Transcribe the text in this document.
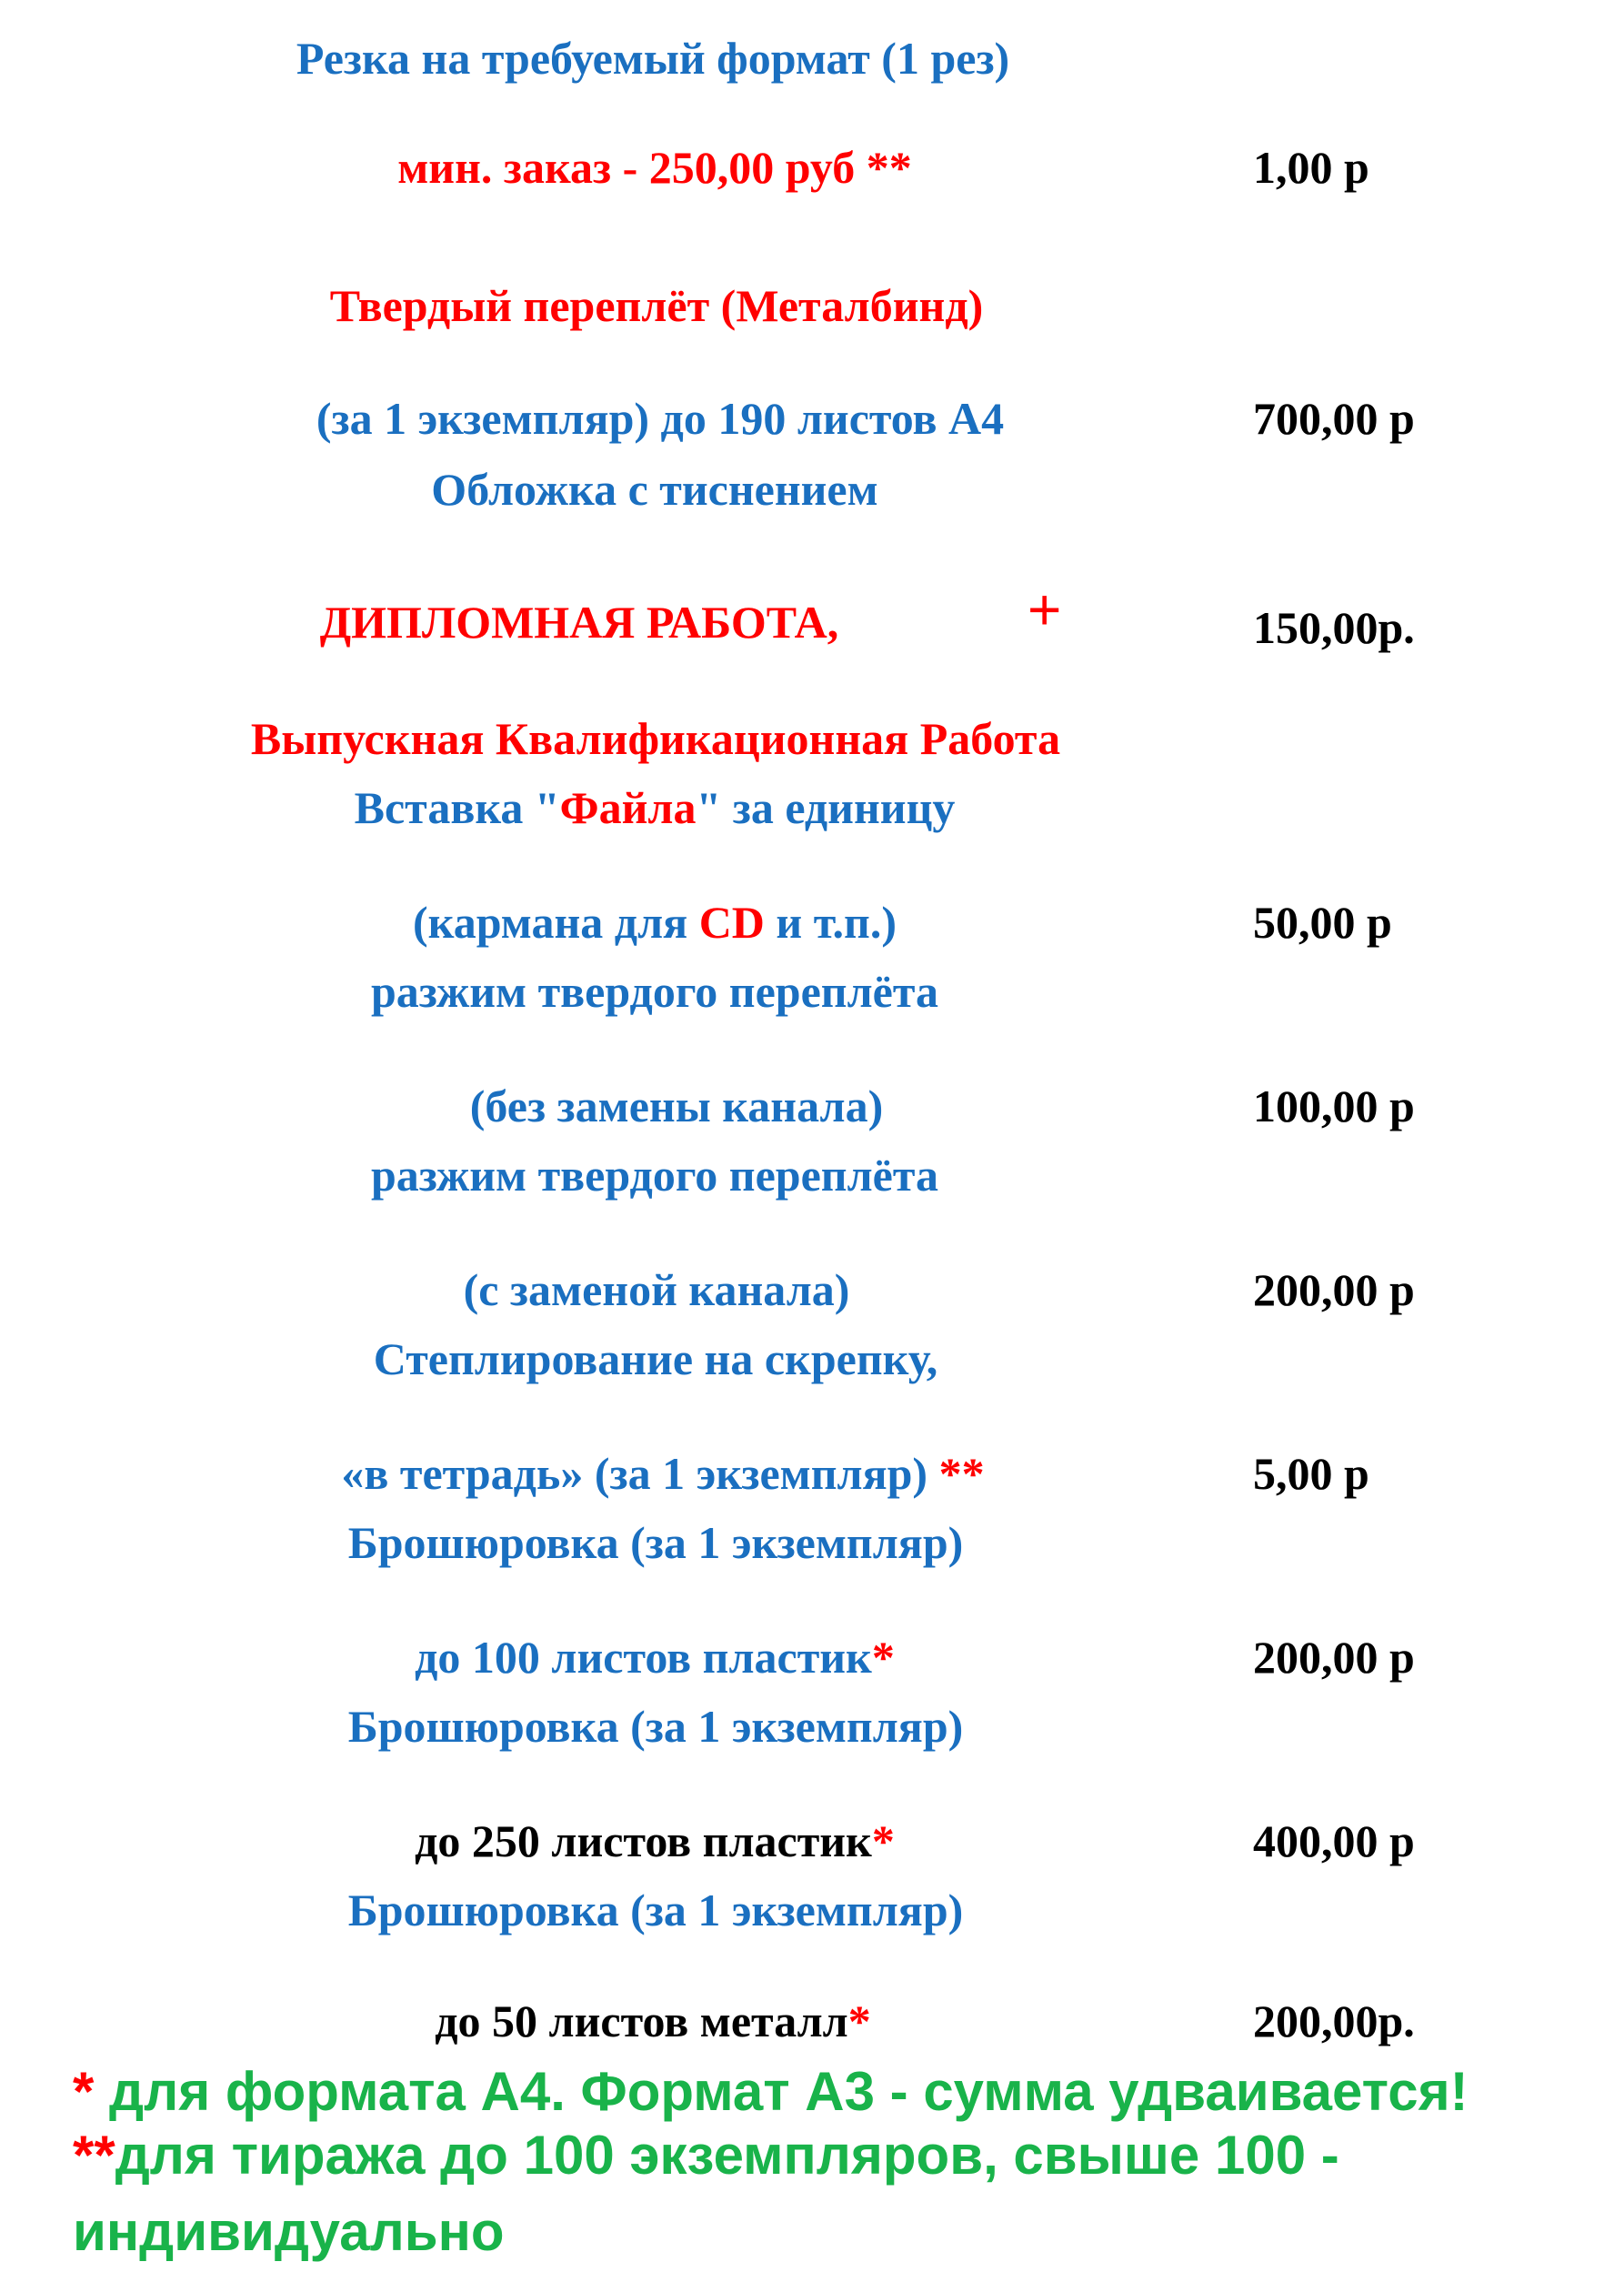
Резка на требуемый формат (1 рез)
мин. заказ - 250,00 руб **	1,00 р
Твердый переплёт (Металбинд)
(за 1 экземпляр) до 190 листов А4	700,00 р
Обложка с тиснением
ДИПЛОМНАЯ РАБОТА,	+	150,00р.
Выпускная Квалификационная Работа
Вставка "Файла" за единицу
(кармана для CD и т.п.)	50,00 р
разжим твердого переплёта
(без замены канала)	100,00 р
разжим твердого переплёта
(с заменой канала)	200,00 р
Степлирование на скрепку,
«в тетрадь» (за 1 экземпляр) **	5,00 р
Брошюровка (за 1 экземпляр)
до 100 листов пластик*	200,00 р
Брошюровка (за 1 экземпляр)
до 250 листов пластик*	400,00 р
Брошюровка (за 1 экземпляр)
до 50 листов металл*	200,00р.
* для формата А4. Формат А3 - сумма удваивается!
**для тиража до 100 экземпляров, свыше 100 -
индивидуально
